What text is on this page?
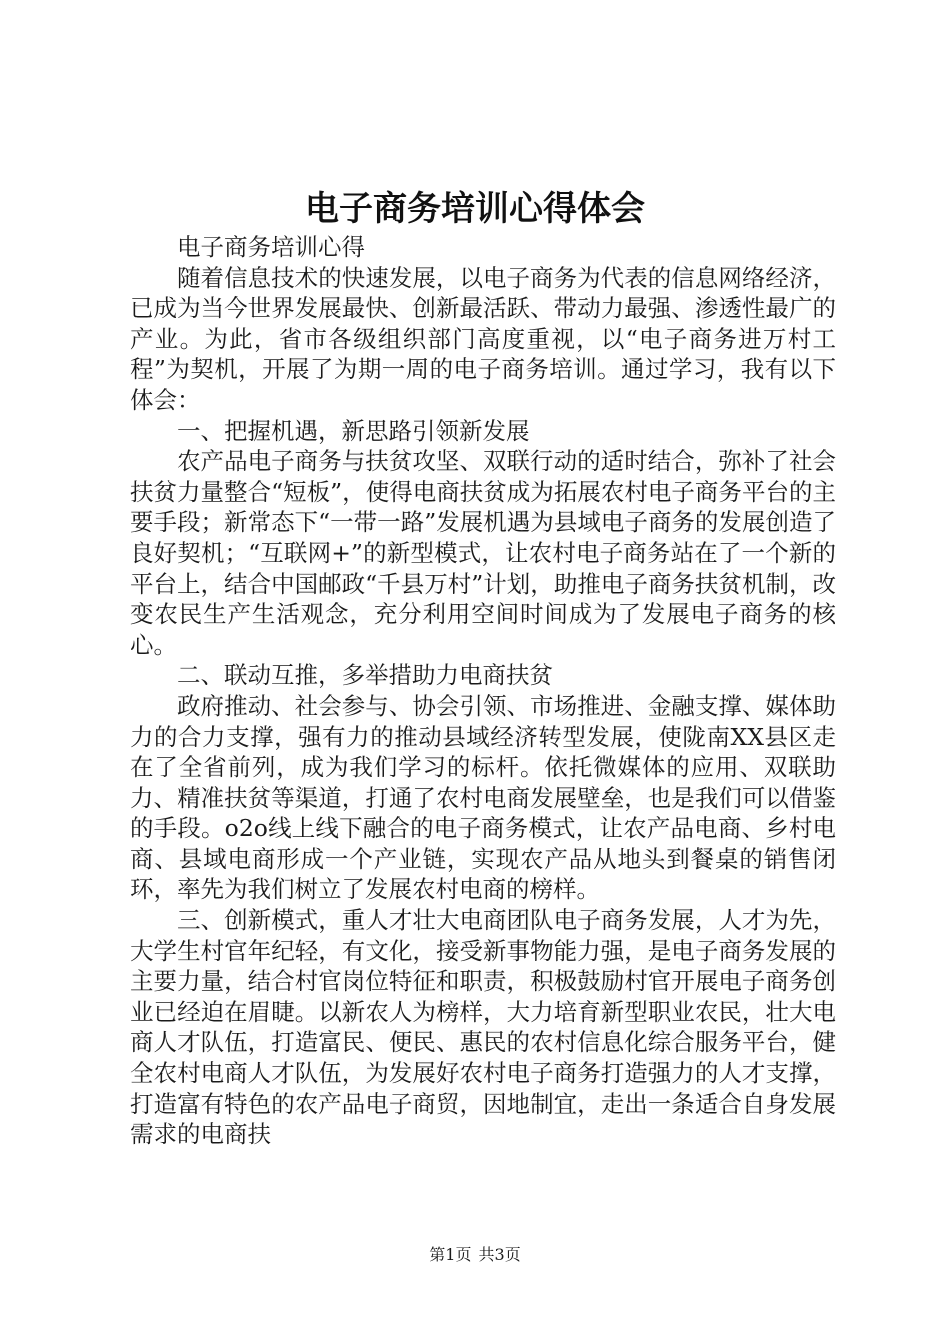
电子商务培训心得体会

电子商务培训心得

随着信息技术的快速发展，以电子商务为代表的信息网络经济，已成为当今世界发展最快、创新最活跃、带动力最强、渗透性最广的产业。为此，省市各级组织部门高度重视，以“电子商务进万村工程”为契机，开展了为期一周的电子商务培训。通过学习，我有以下体会：

一、把握机遇，新思路引领新发展

农产品电子商务与扶贫攻坚、双联行动的适时结合，弥补了社会扶贫力量整合“短板”，使得电商扶贫成为拓展农村电子商务平台的主要手段；新常态下“一带一路”发展机遇为县域电子商务的发展创造了良好契机；“互联网+”的新型模式，让农村电子商务站在了一个新的平台上，结合中国邮政“千县万村”计划，助推电子商务扶贫机制，改变农民生产生活观念，充分利用空间时间成为了发展电子商务的核心。

二、联动互推，多举措助力电商扶贫

政府推动、社会参与、协会引领、市场推进、金融支撑、媒体助力的合力支撑，强有力的推动县域经济转型发展，使陇南XX县区走在了全省前列，成为我们学习的标杆。依托微媒体的应用、双联助力、精准扶贫等渠道，打通了农村电商发展壁垒，也是我们可以借鉴的手段。o2o线上线下融合的电子商务模式，让农产品电商、乡村电商、县域电商形成一个产业链，实现农产品从地头到餐桌的销售闭环，率先为我们树立了发展农村电商的榜样。

三、创新模式，重人才壮大电商团队电子商务发展，人才为先，大学生村官年纪轻，有文化，接受新事物能力强，是电子商务发展的主要力量，结合村官岗位特征和职责，积极鼓励村官开展电子商务创业已经迫在眉睫。以新农人为榜样，大力培育新型职业农民，壮大电商人才队伍，打造富民、便民、惠民的农村信息化综合服务平台，健全农村电商人才队伍，为发展好农村电子商务打造强力的人才支撑，打造富有特色的农产品电子商贸，因地制宜，走出一条适合自身发展需求的电商扶

第1页 共3页
